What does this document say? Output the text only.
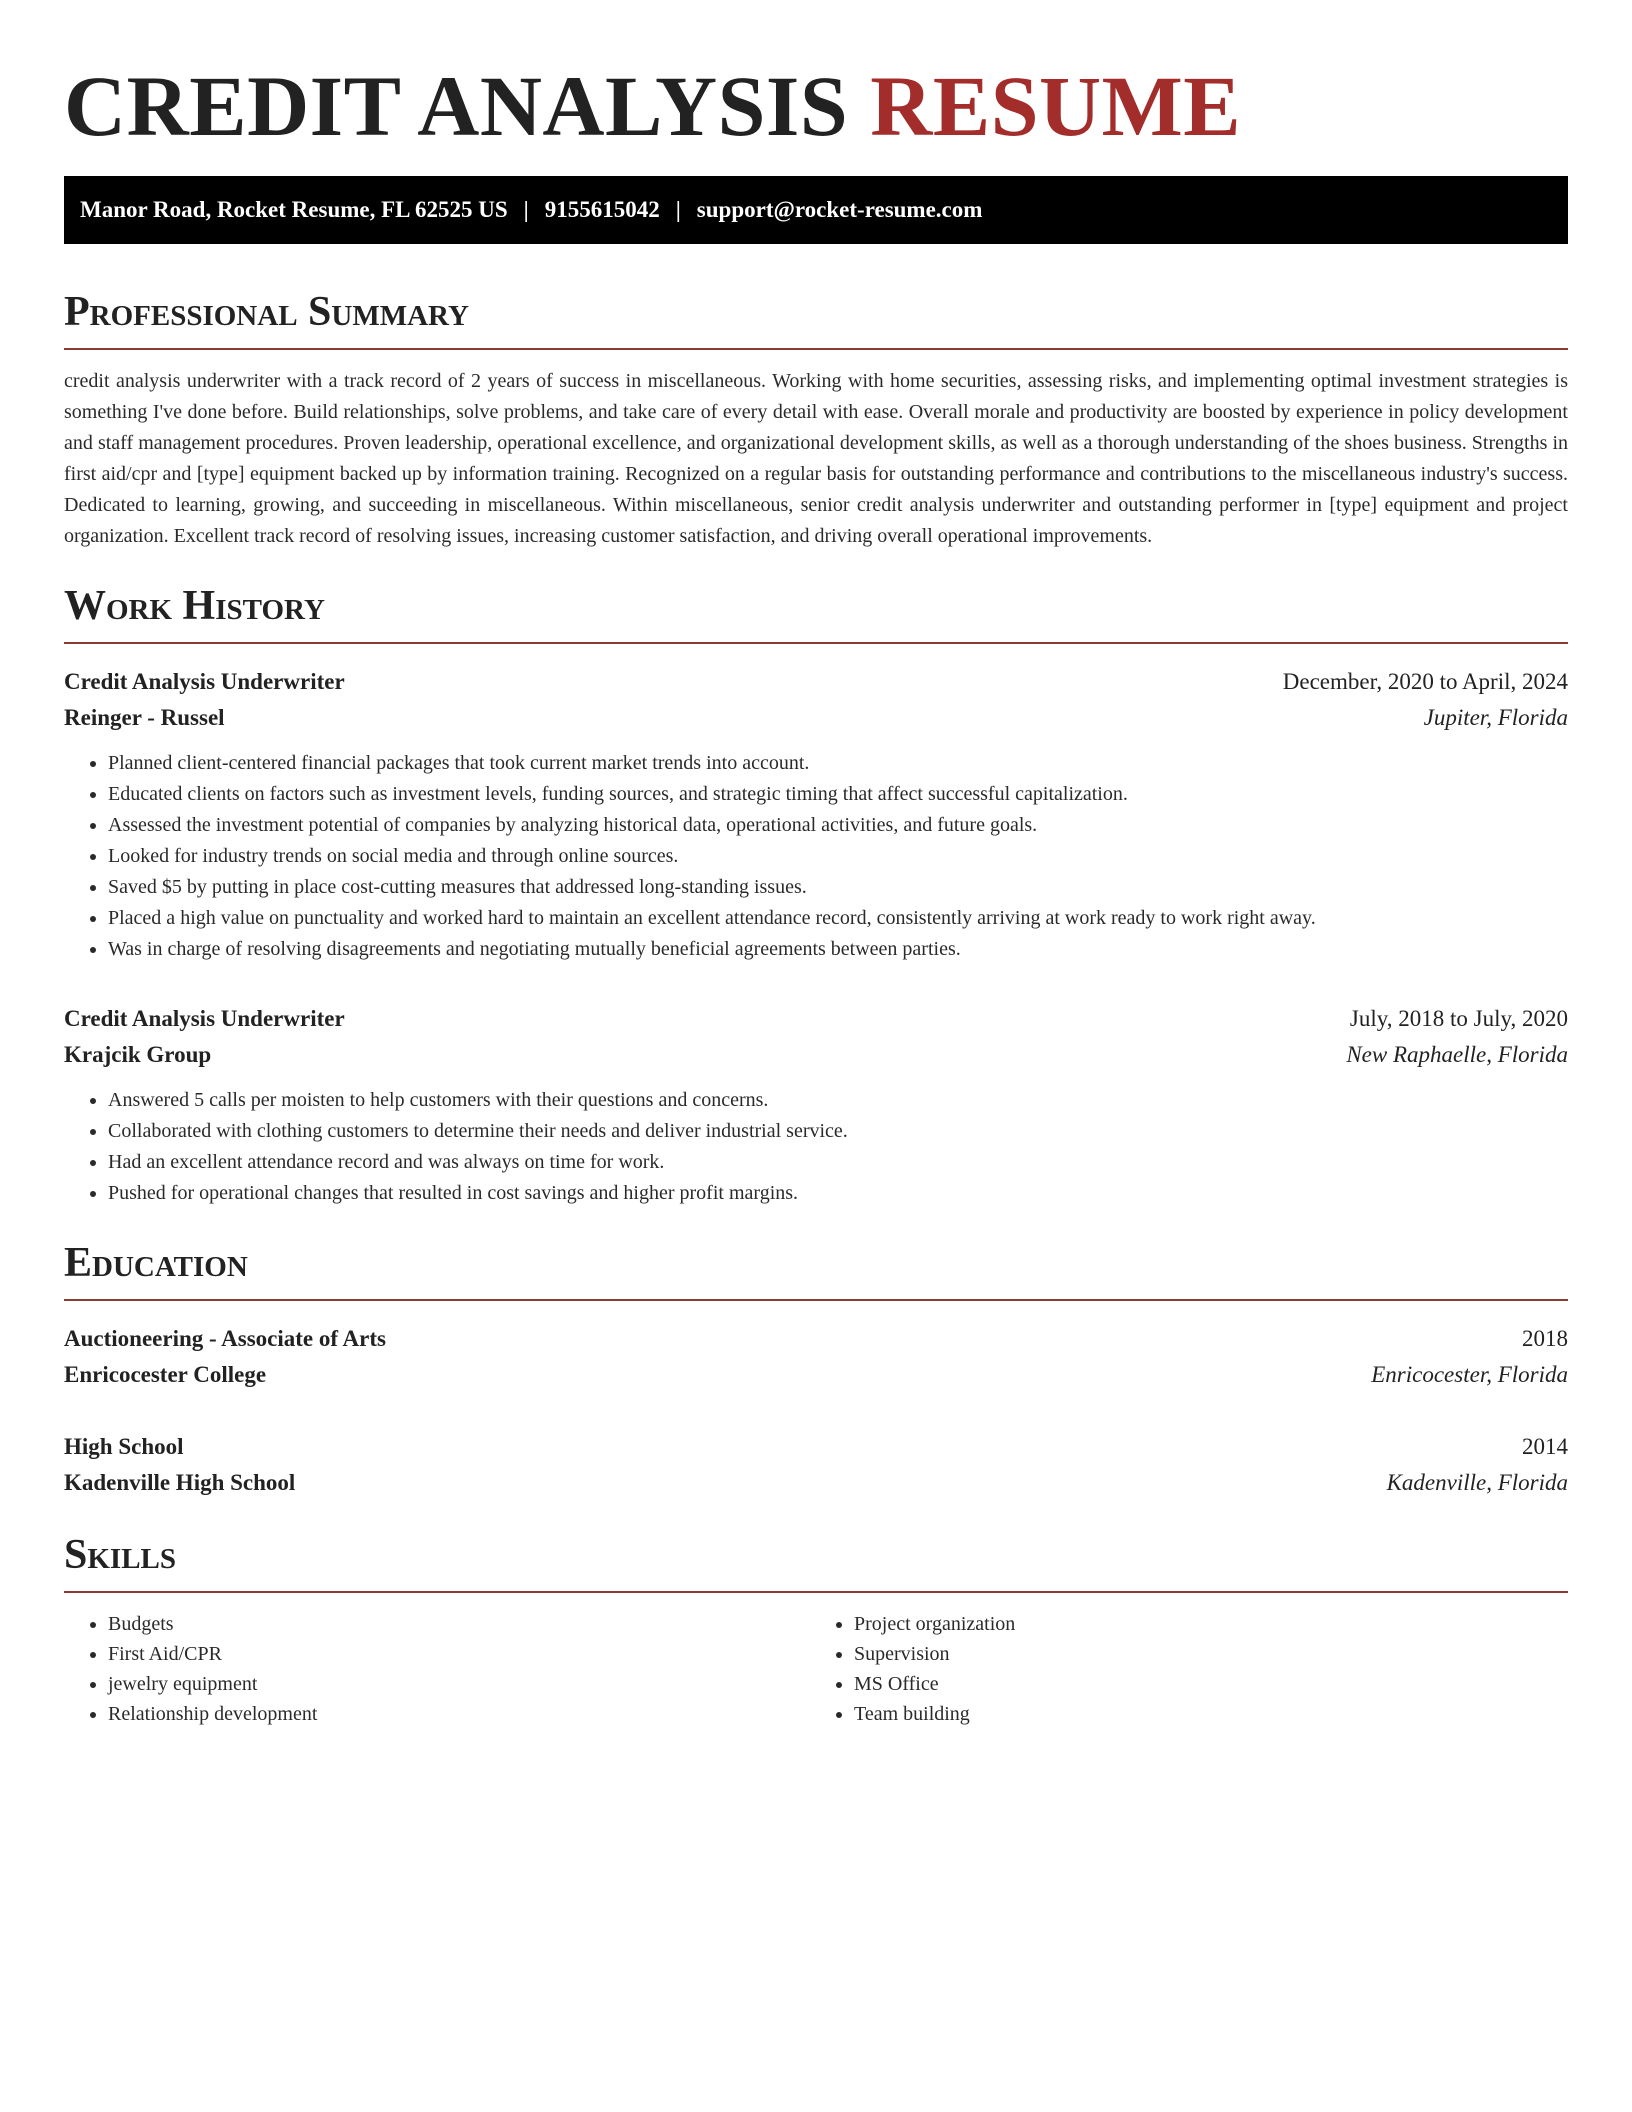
CREDIT ANALYSIS RESUME
Manor Road, Rocket Resume, FL 62525 US | 9155615042 | support@rocket-resume.com
Professional Summary

credit analysis underwriter with a track record of 2 years of success in miscellaneous. Working with home securities, assessing risks, and implementing optimal investment strategies is something I've done before. Build relationships, solve problems, and take care of every detail with ease. Overall morale and productivity are boosted by experience in policy development and staff management procedures. Proven leadership, operational excellence, and organizational development skills, as well as a thorough understanding of the shoes business. Strengths in first aid/cpr and [type] equipment backed up by information training. Recognized on a regular basis for outstanding performance and contributions to the miscellaneous industry's success. Dedicated to learning, growing, and succeeding in miscellaneous. Within miscellaneous, senior credit analysis underwriter and outstanding performer in [type] equipment and project organization. Excellent track record of resolving issues, increasing customer satisfaction, and driving overall operational improvements.

Work History
Credit Analysis Underwriter	December, 2020 to April, 2024
Reinger - Russel	Jupiter, Florida
• Planned client-centered financial packages that took current market trends into account.
• Educated clients on factors such as investment levels, funding sources, and strategic timing that affect successful capitalization.
• Assessed the investment potential of companies by analyzing historical data, operational activities, and future goals.
• Looked for industry trends on social media and through online sources.
• Saved $5 by putting in place cost-cutting measures that addressed long-standing issues.
• Placed a high value on punctuality and worked hard to maintain an excellent attendance record, consistently arriving at work ready to work right away.
• Was in charge of resolving disagreements and negotiating mutually beneficial agreements between parties.
Credit Analysis Underwriter	July, 2018 to July, 2020
Krajcik Group	New Raphaelle, Florida
• Answered 5 calls per moisten to help customers with their questions and concerns.
• Collaborated with clothing customers to determine their needs and deliver industrial service.
• Had an excellent attendance record and was always on time for work.
• Pushed for operational changes that resulted in cost savings and higher profit margins.
Education
Auctioneering - Associate of Arts	2018
Enricocester College	Enricocester, Florida
High School	2014
Kadenville High School	Kadenville, Florida
Skills
• Budgets
• First Aid/CPR
• jewelry equipment
• Relationship development
• Project organization
• Supervision
• MS Office
• Team building
